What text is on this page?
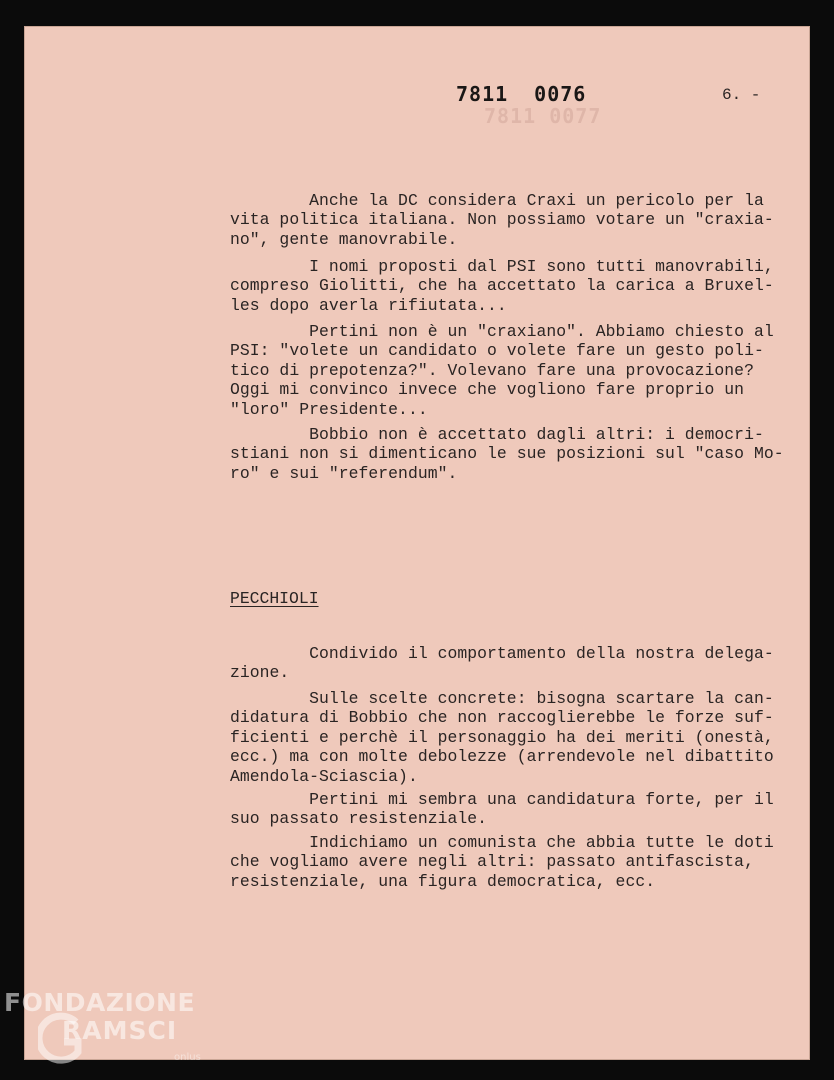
7811 0077
7811 0076	6. -

Anche la DC considera Craxi un pericolo per la
vita politica italiana. Non possiamo votare un "craxia-
no", gente manovrabile.

I nomi proposti dal PSI sono tutti manovrabili,
compreso Giolitti, che ha accettato la carica a Bruxel-
les dopo averla rifiutata...

Pertini non è un "craxiano". Abbiamo chiesto al
PSI: "volete un candidato o volete fare un gesto poli-
tico di prepotenza?". Volevano fare una provocazione?
Oggi mi convinco invece che vogliono fare proprio un
"loro" Presidente...

Bobbio non è accettato dagli altri: i democri-
stiani non si dimenticano le sue posizioni sul "caso Mo-
ro" e sui "referendum".

PECCHIOLI

Condivido il comportamento della nostra delega-
zione.

Sulle scelte concrete: bisogna scartare la can-
didatura di Bobbio che non raccoglierebbe le forze suf-
ficienti e perchè il personaggio ha dei meriti (onestà,
ecc.) ma con molte debolezze (arrendevole nel dibattito
Amendola-Sciascia).

Pertini mi sembra una candidatura forte, per il
suo passato resistenziale.

Indichiamo un comunista che abbia tutte le doti
che vogliamo avere negli altri: passato antifascista,
resistenziale, una figura democratica, ecc.

FONDAZIONE
RAMSCI
onlus
